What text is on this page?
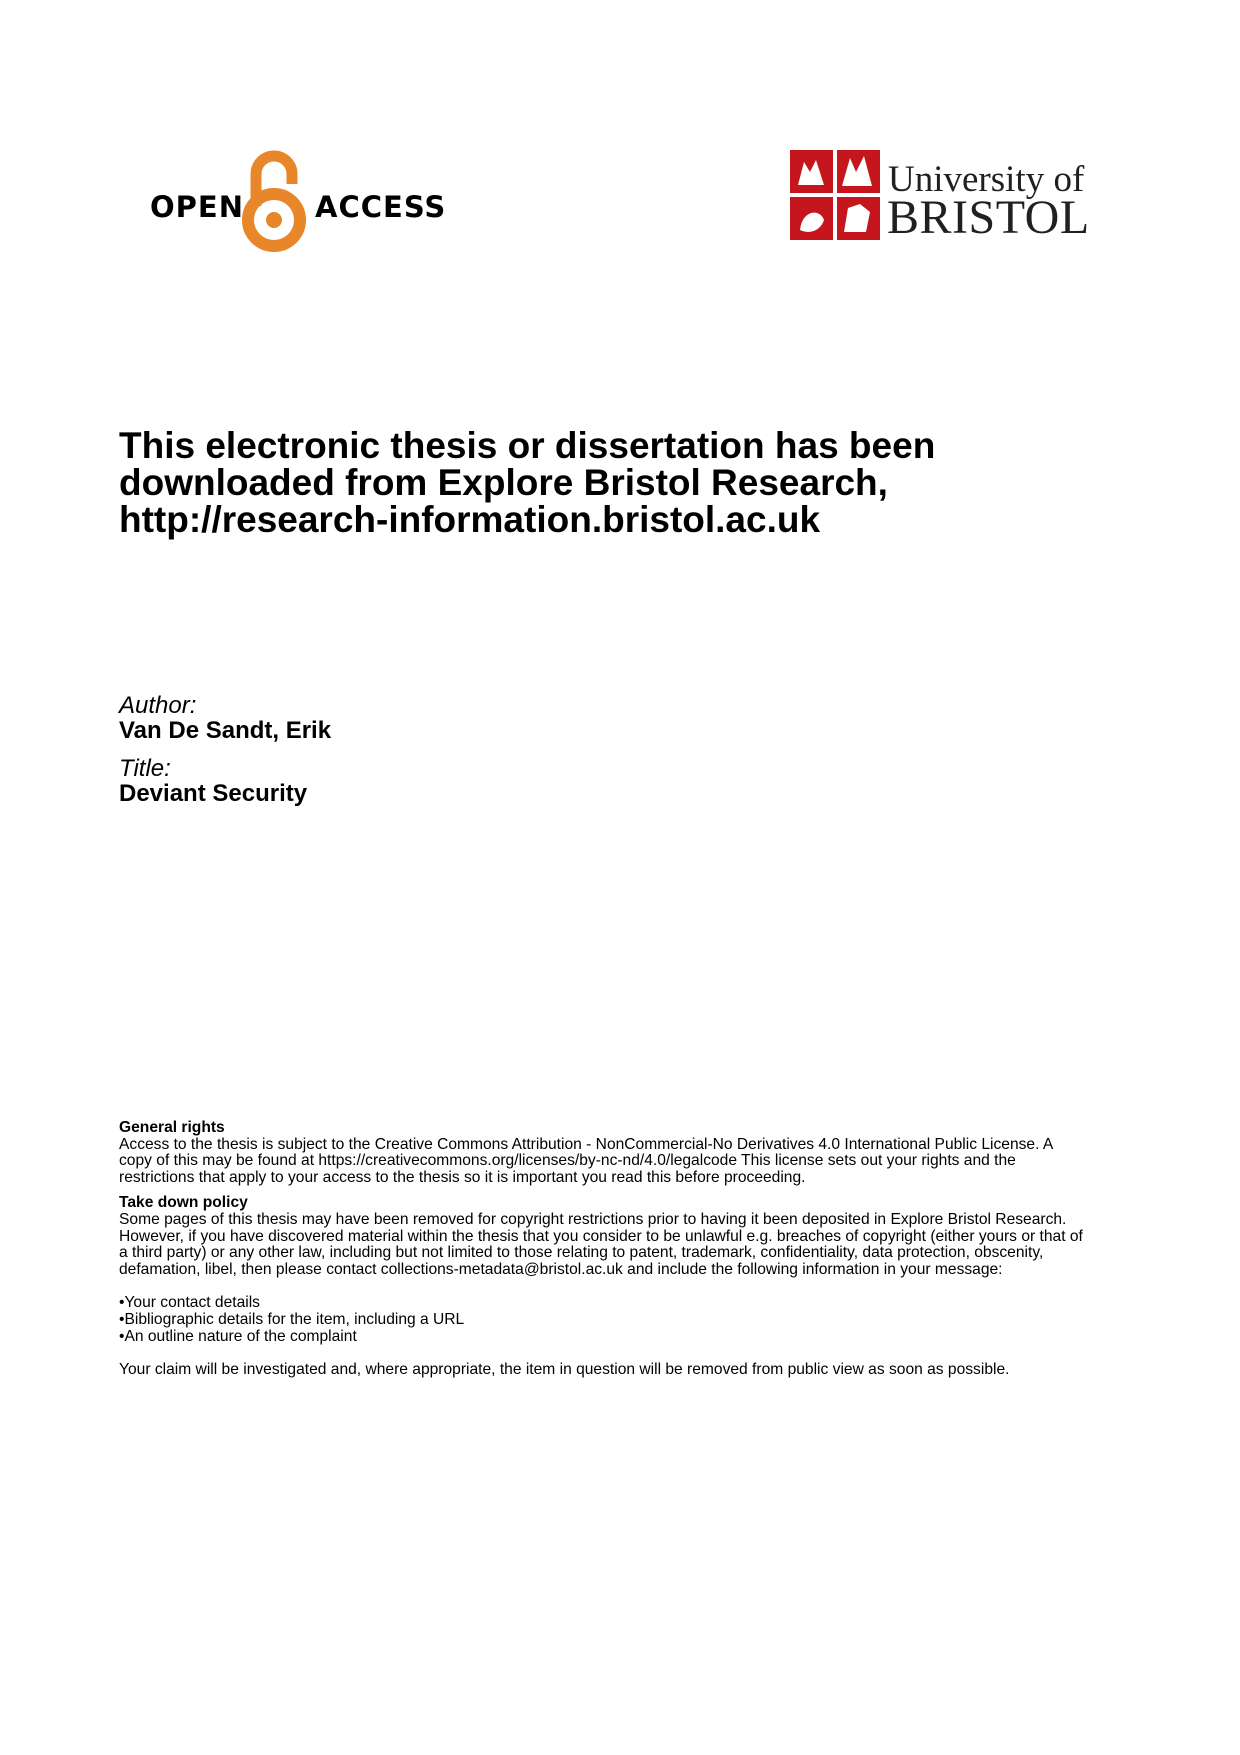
OPEN ACCESS
University of
BRISTOL
This electronic thesis or dissertation has been
downloaded from Explore Bristol Research,
http://research-information.bristol.ac.uk
Author:
Van De Sandt, Erik
Title:
Deviant Security
General rights
Access to the thesis is subject to the Creative Commons Attribution - NonCommercial-No Derivatives 4.0 International Public License. A
copy of this may be found at https://creativecommons.org/licenses/by-nc-nd/4.0/legalcode This license sets out your rights and the
restrictions that apply to your access to the thesis so it is important you read this before proceeding.
Take down policy
Some pages of this thesis may have been removed for copyright restrictions prior to having it been deposited in Explore Bristol Research.
However, if you have discovered material within the thesis that you consider to be unlawful e.g. breaches of copyright (either yours or that of
a third party) or any other law, including but not limited to those relating to patent, trademark, confidentiality, data protection, obscenity,
defamation, libel, then please contact collections-metadata@bristol.ac.uk and include the following information in your message:
•Your contact details
•Bibliographic details for the item, including a URL
•An outline nature of the complaint
Your claim will be investigated and, where appropriate, the item in question will be removed from public view as soon as possible.
